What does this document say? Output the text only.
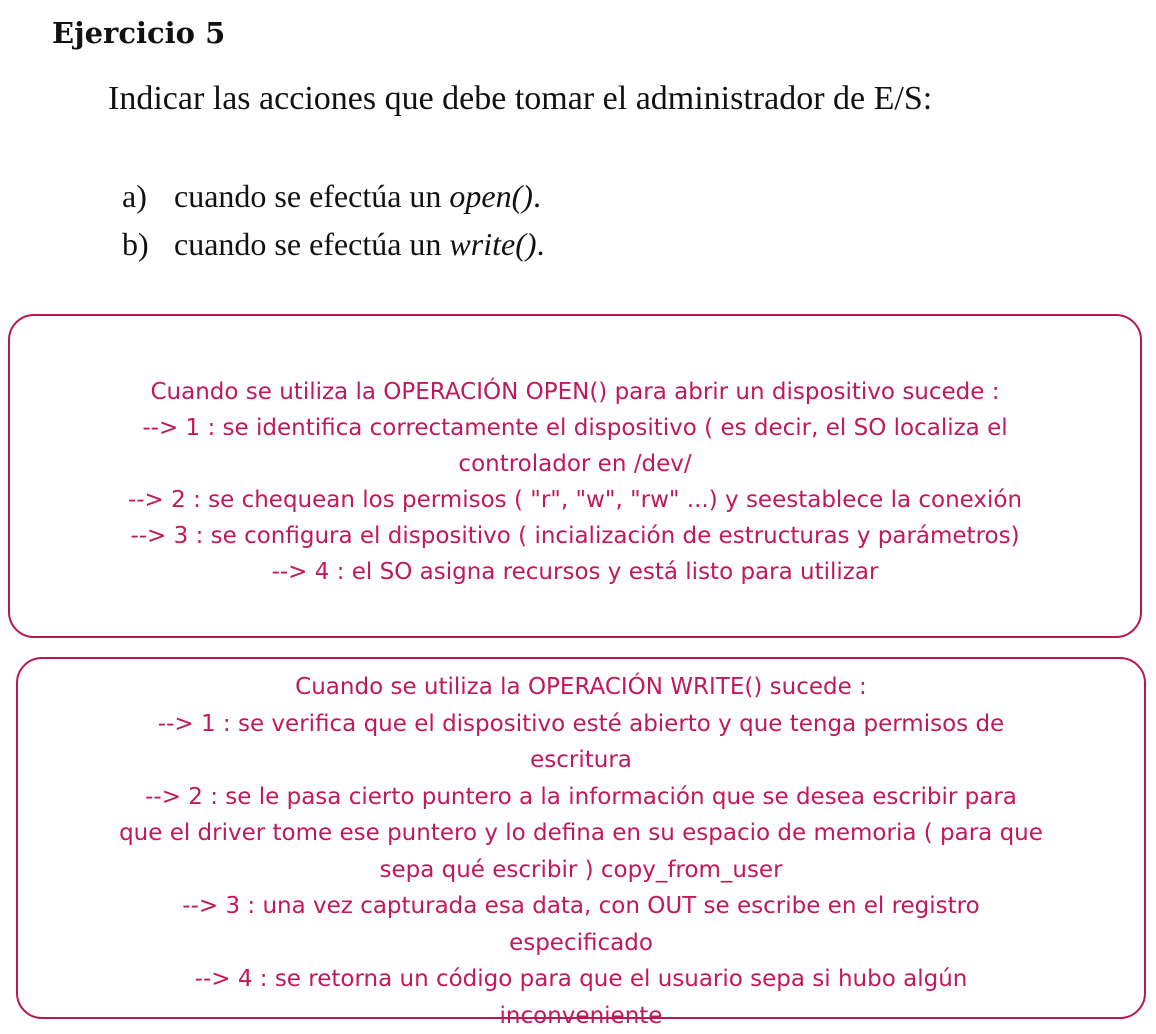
Ejercicio 5
Indicar las acciones que debe tomar el administrador de E/S:
a) cuando se efectúa un open().
b) cuando se efectúa un write().
Cuando se utiliza la OPERACIÓN OPEN() para abrir un dispositivo sucede :
--> 1 : se identifica correctamente el dispositivo ( es decir, el SO localiza el
controlador en /dev/
--> 2 : se chequean los permisos ( "r", "w", "rw" ...) y seestablece la conexión
--> 3 : se configura el dispositivo ( incialización de estructuras y parámetros)
--> 4 : el SO asigna recursos y está listo para utilizar
Cuando se utiliza la OPERACIÓN WRITE() sucede :
--> 1 : se verifica que el dispositivo esté abierto y que tenga permisos de
escritura
--> 2 : se le pasa cierto puntero a la información que se desea escribir para
que el driver tome ese puntero y lo defina en su espacio de memoria ( para que
sepa qué escribir ) copy_from_user
--> 3 : una vez capturada esa data, con OUT se escribe en el registro
especificado
--> 4 : se retorna un código para que el usuario sepa si hubo algún
inconveniente
